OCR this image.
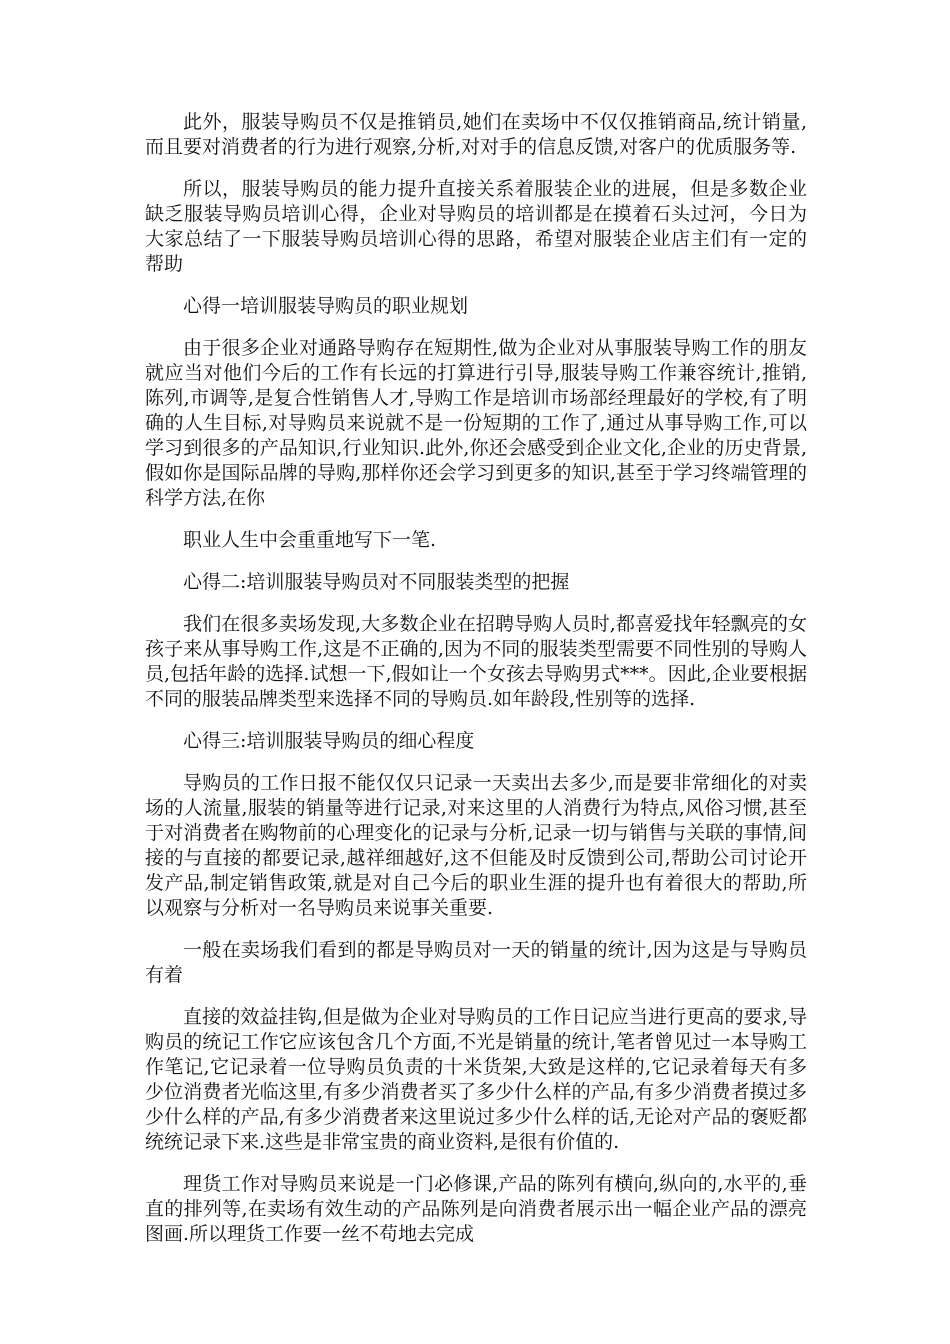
此外，服装导购员不仅是推销员,她们在卖场中不仅仅推销商品,统计销量,而且要对消费者的行为进行观察,分析,对对手的信息反馈,对客户的优质服务等.

所以，服装导购员的能力提升直接关系着服装企业的进展，但是多数企业缺乏服装导购员培训心得，企业对导购员的培训都是在摸着石头过河，今日为大家总结了一下服装导购员培训心得的思路，希望对服装企业店主们有一定的帮助

心得一培训服装导购员的职业规划

由于很多企业对通路导购存在短期性,做为企业对从事服装导购工作的朋友就应当对他们今后的工作有长远的打算进行引导,服装导购工作兼容统计,推销,陈列,市调等,是复合性销售人才,导购工作是培训市场部经理最好的学校,有了明确的人生目标,对导购员来说就不是一份短期的工作了,通过从事导购工作,可以学习到很多的产品知识,行业知识.此外,你还会感受到企业文化,企业的历史背景,假如你是国际品牌的导购,那样你还会学习到更多的知识,甚至于学习终端管理的科学方法,在你

职业人生中会重重地写下一笔.

心得二:培训服装导购员对不同服装类型的把握

我们在很多卖场发现,大多数企业在招聘导购人员时,都喜爱找年轻飘亮的女孩子来从事导购工作,这是不正确的,因为不同的服装类型需要不同性别的导购人员,包括年龄的选择.试想一下,假如让一个女孩去导购男式***。因此,企业要根据不同的服装品牌类型来选择不同的导购员.如年龄段,性别等的选择.

心得三:培训服装导购员的细心程度

导购员的工作日报不能仅仅只记录一天卖出去多少,而是要非常细化的对卖场的人流量,服装的销量等进行记录,对来这里的人消费行为特点,风俗习惯,甚至于对消费者在购物前的心理变化的记录与分析,记录一切与销售与关联的事情,间接的与直接的都要记录,越祥细越好,这不但能及时反馈到公司,帮助公司讨论开发产品,制定销售政策,就是对自己今后的职业生涯的提升也有着很大的帮助,所以观察与分析对一名导购员来说事关重要.

一般在卖场我们看到的都是导购员对一天的销量的统计,因为这是与导购员有着

直接的效益挂钩,但是做为企业对导购员的工作日记应当进行更高的要求,导购员的统记工作它应该包含几个方面,不光是销量的统计,笔者曾见过一本导购工作笔记,它记录着一位导购员负责的十米货架,大致是这样的,它记录着每天有多少位消费者光临这里,有多少消费者买了多少什么样的产品,有多少消费者摸过多少什么样的产品,有多少消费者来这里说过多少什么样的话,无论对产品的褒贬都统统记录下来.这些是非常宝贵的商业资料,是很有价值的.

理货工作对导购员来说是一门必修课,产品的陈列有横向,纵向的,水平的,垂直的排列等,在卖场有效生动的产品陈列是向消费者展示出一幅企业产品的漂亮图画.所以理货工作要一丝不苟地去完成
